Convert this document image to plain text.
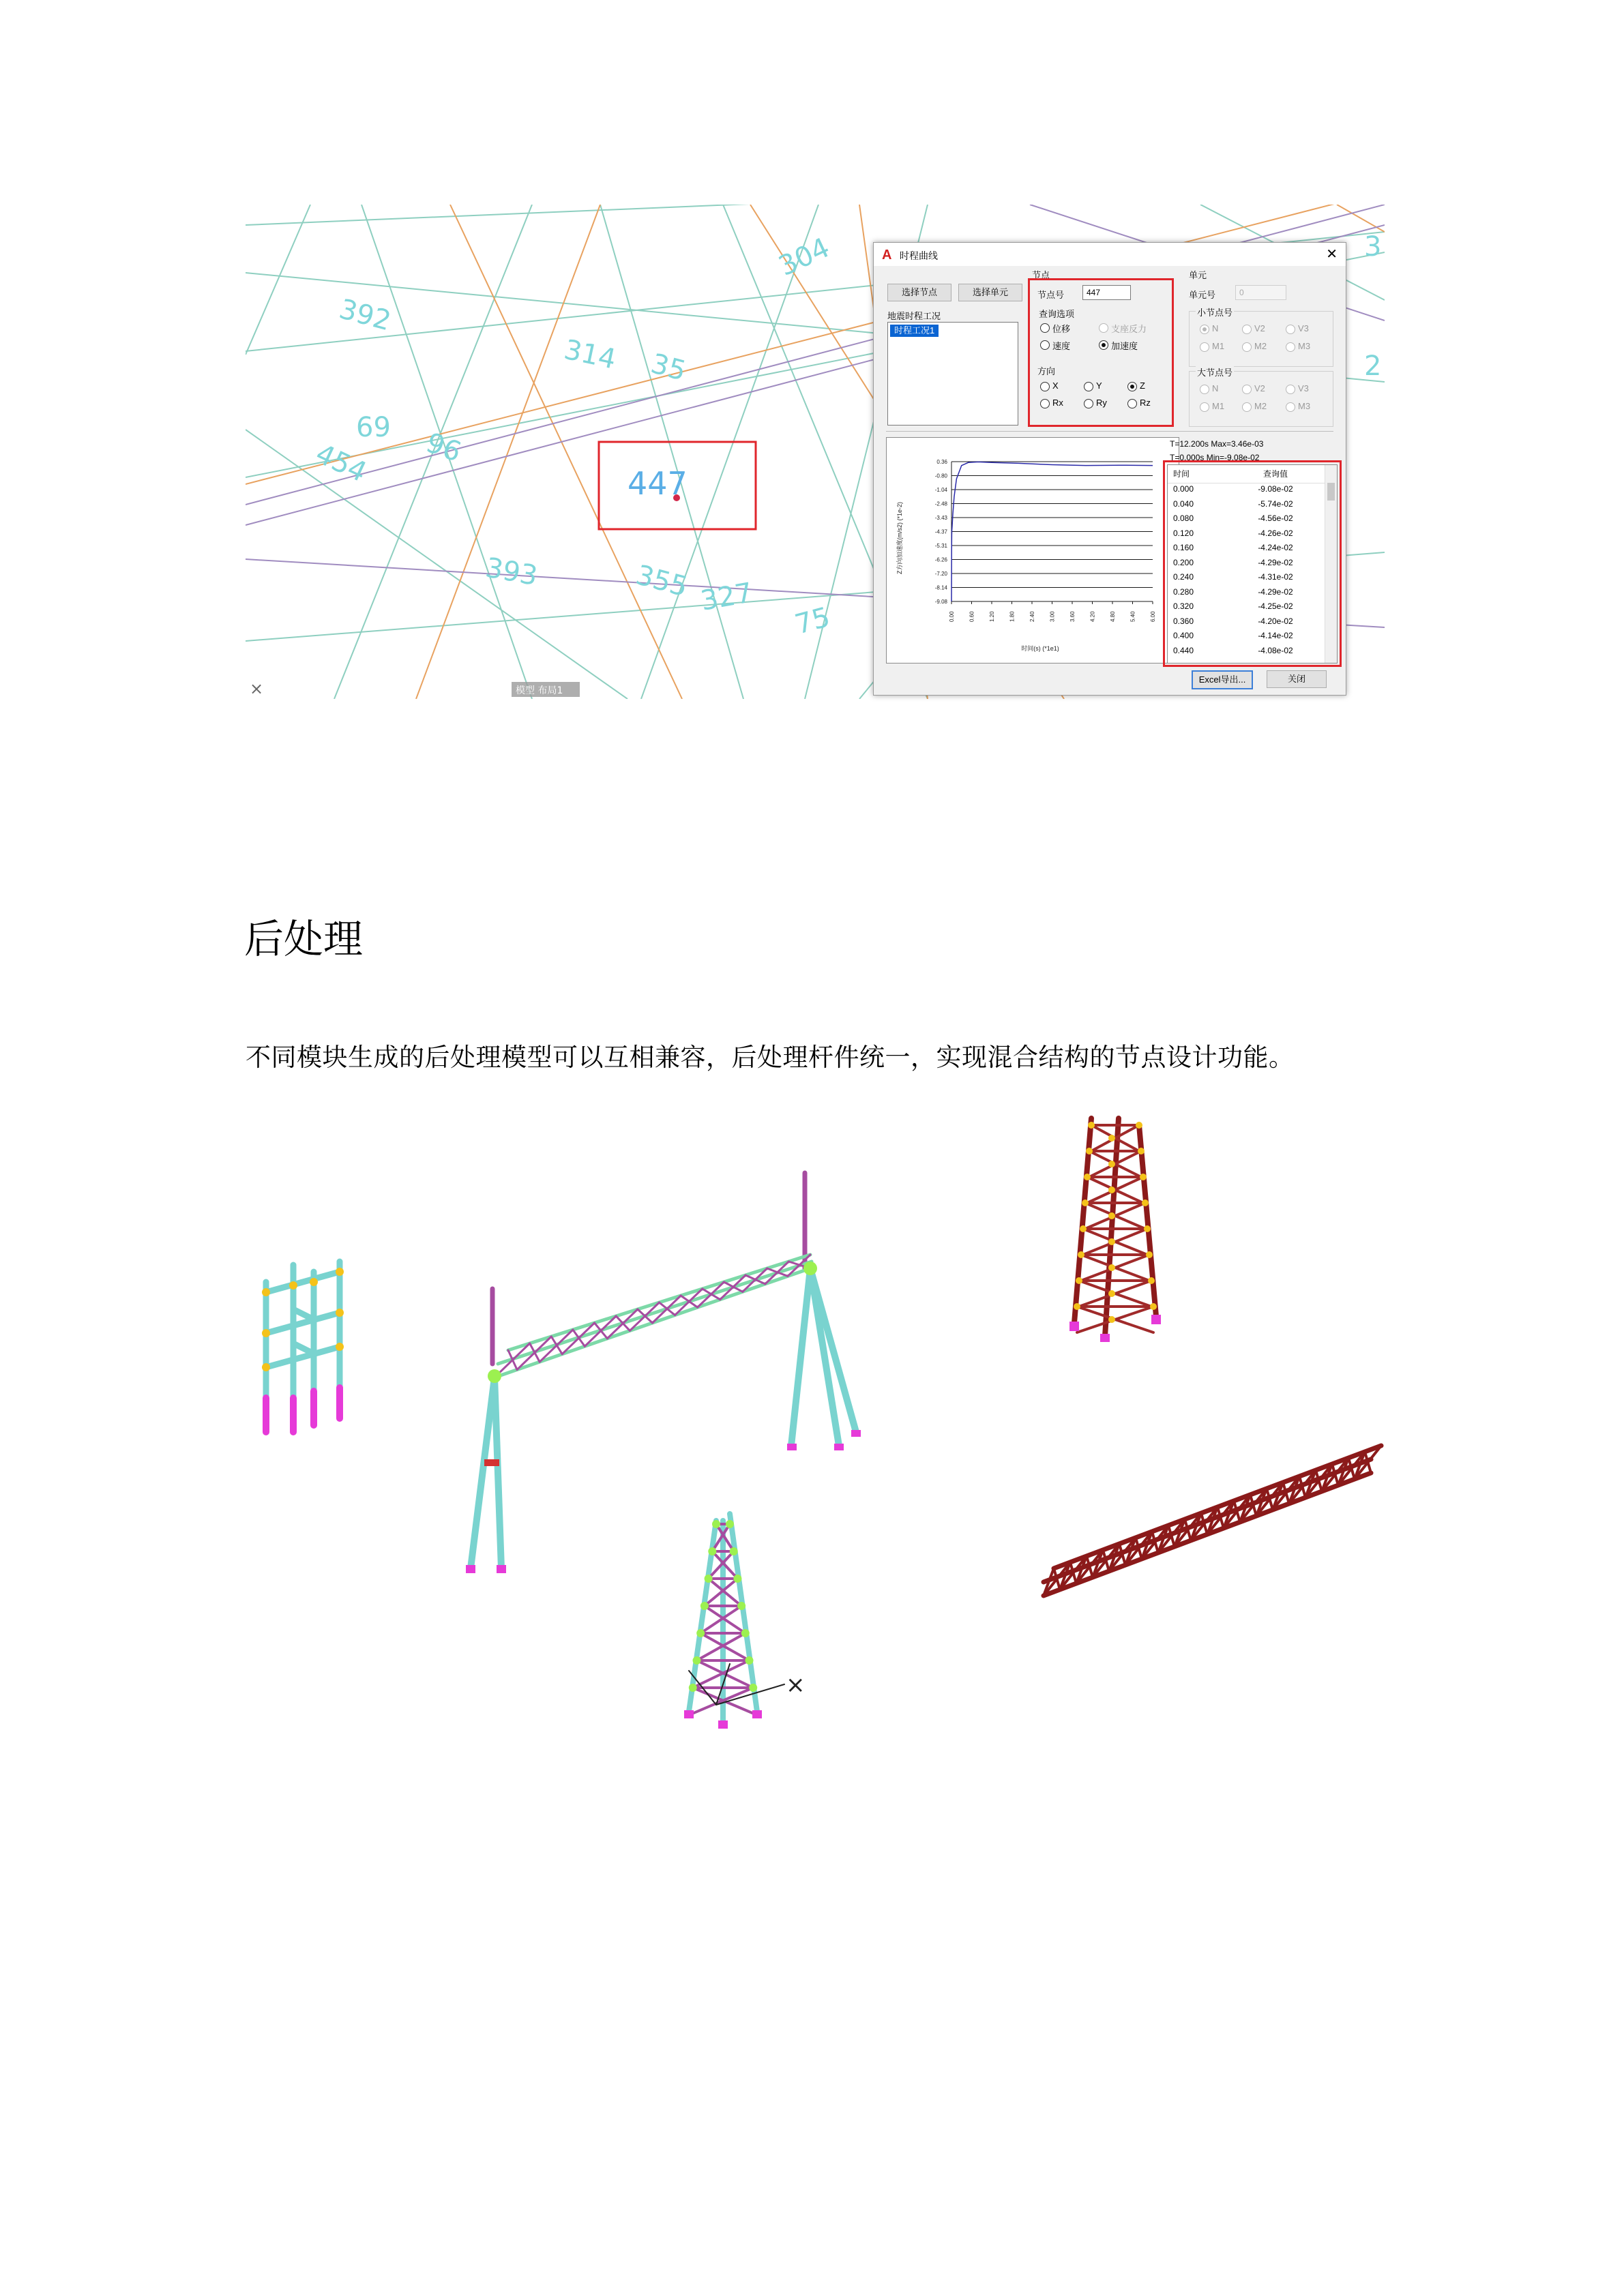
447
392
314 35
304
69
454 96
393	355 327
75
3
2
×	模型 布局1
A 时程曲线	✕
选择节点	选择单元
地震时程工况
时程工况1
节点
节点号	447
查询选项
位移	支座反力
速度	加速度
方向
X	Y	Z
Rx	Ry	Rz
单元
单元号	0
小节点号
N	V2	V3
M1	M2	M3
大节点号
N	V2	V3
M1	M2	M3
0.36
-0.80
-1.04
-2.48
-3.43
-4.37
-5.31
-6.26
-7.20
-8.14
-9.08
0.00	0.60	1.20	1.80	2.40	3.00	3.60	4.20	4.80	5.40	6.00
Z方向加速度(m/s2) (*1e-2)
时间(s) (*1e1)
T=12.200s Max=3.46e-03
T=0.000s Min=-9.08e-02
时间	查询值
0.000	-9.08e-02
0.040	-5.74e-02
0.080	-4.56e-02
0.120	-4.26e-02
0.160	-4.24e-02
0.200	-4.29e-02
0.240	-4.31e-02
0.280	-4.29e-02
0.320	-4.25e-02
0.360	-4.20e-02
0.400	-4.14e-02
0.440	-4.08e-02
Excel导出...	关闭
后处理
不同模块生成的后处理模型可以互相兼容，后处理杆件统一，实现混合结构的节点设计功能。
×
